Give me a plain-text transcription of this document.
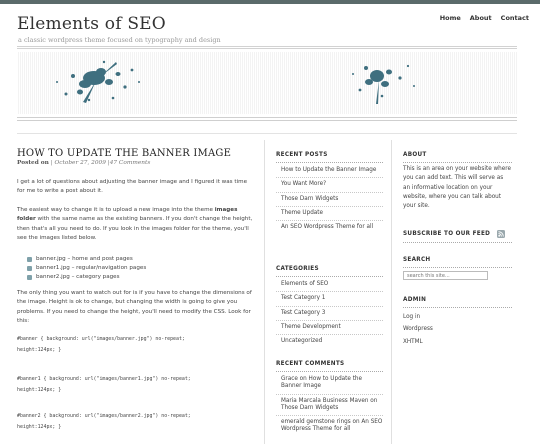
Elements of SEO
a classic wordpress theme focused on typography and design
Home About Contact
HOW TO UPDATE THE BANNER IMAGE
Posted on | October 27, 2009 |47 Comments
I get a lot of questions about adjusting the banner image and I figured it was time for me to write a post about it.
The easiest way to change it is to upload a new image into the theme images folder with the same name as the existing banners. If you don't change the height, then that's all you need to do. If you look in the images folder for the theme, you'll see the images listed below.
banner.jpg – home and post pages
banner1.jpg – regular/navigation pages
banner2.jpg – category pages
The only thing you want to watch out for is if you have to change the dimensions of the image. Height is ok to change, but changing the width is going to give you problems. If you need to change the height, you'll need to modify the CSS. Look for this:
#banner { background: url("images/banner.jpg") no-repeat;
height:124px; }
#banner1 { background: url("images/banner1.jpg") no-repeat;
height:124px; }
#banner2 { background: url("images/banner2.jpg") no-repeat;
height:124px; }
RECENT POSTS
How to Update the Banner Image
You Want More?
Those Darn Widgets
Theme Update
An SEO Wordpress Theme for all
CATEGORIES
Elements of SEO
Test Category 1
Test Category 3
Theme Development
Uncategorized
RECENT COMMENTS
Grace on How to Update the Banner Image
Maria Marcala Business Maven on Those Darn Widgets
emerald gemstone rings on An SEO Wordpress Theme for all
ABOUT
This is an area on your website where you can add text. This will serve as an informative location on your website, where you can talk about your site.
SUBSCRIBE TO OUR FEED
SEARCH
search this site...
ADMIN
Log in
Wordpress
XHTML
